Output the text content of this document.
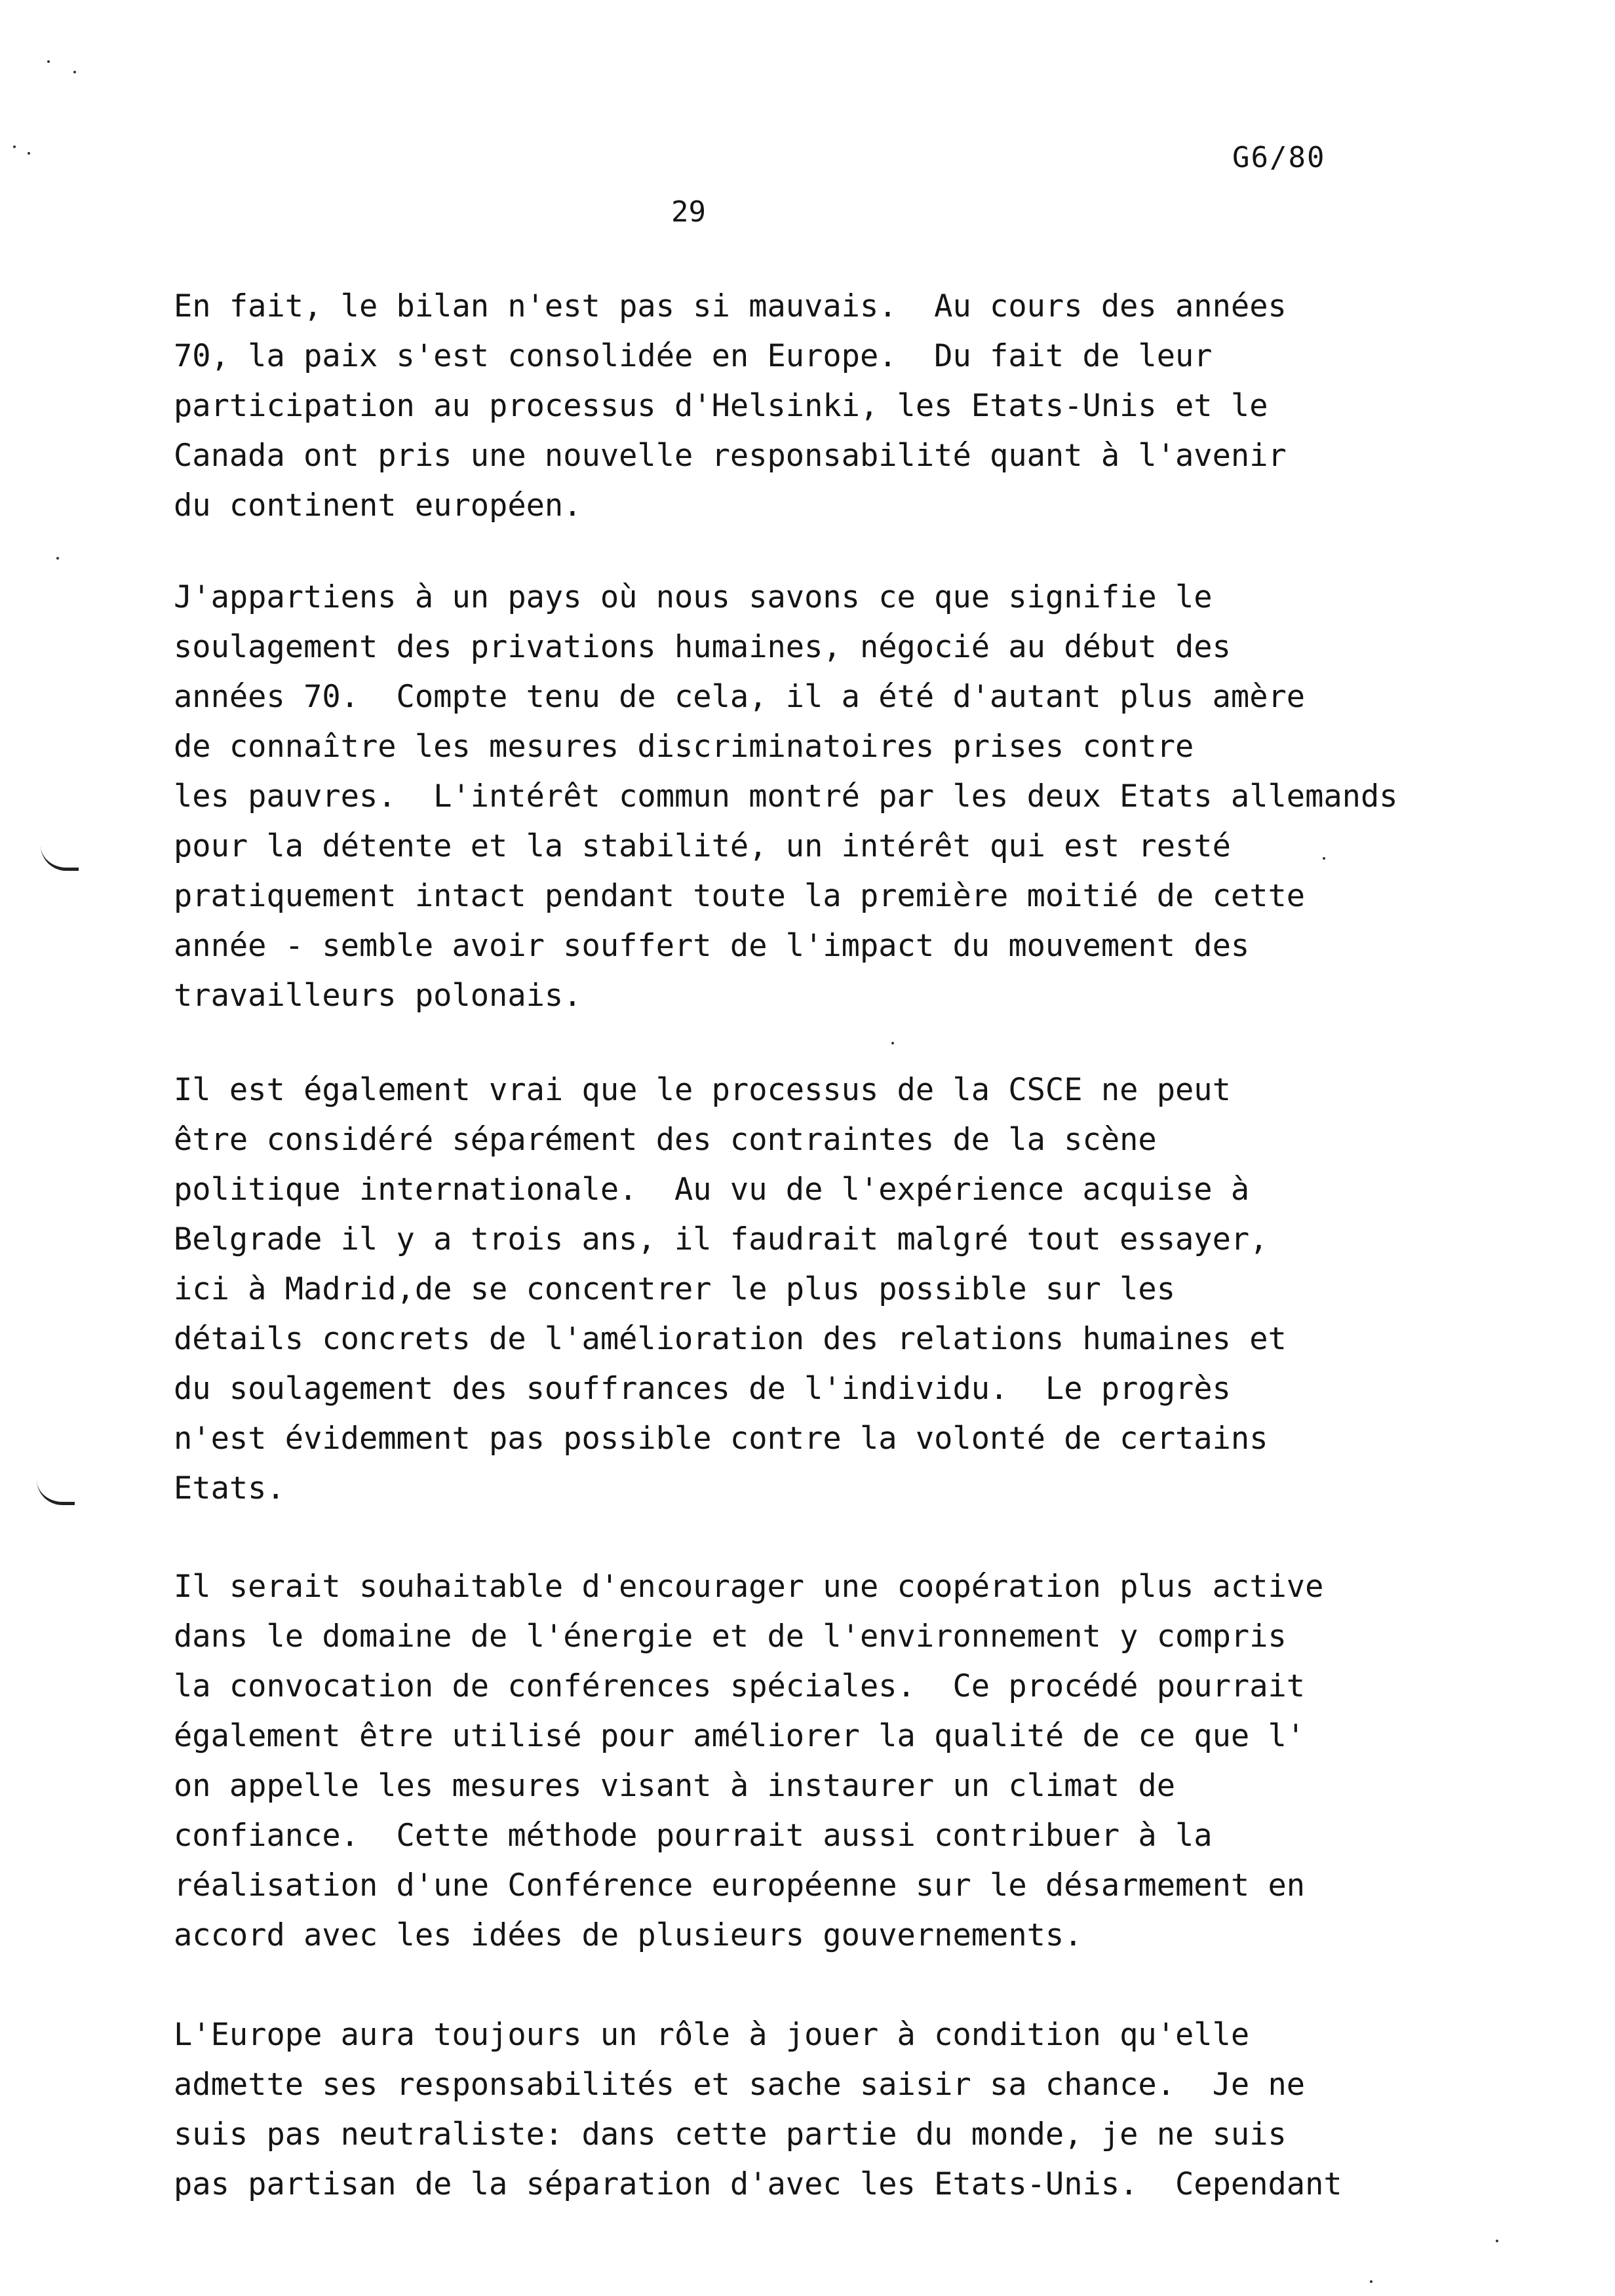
G6/80
29
En fait, le bilan n'est pas si mauvais.  Au cours des années
70, la paix s'est consolidée en Europe.  Du fait de leur
participation au processus d'Helsinki, les Etats-Unis et le
Canada ont pris une nouvelle responsabilité quant à l'avenir
du continent européen.
J'appartiens à un pays où nous savons ce que signifie le
soulagement des privations humaines, négocié au début des
années 70.  Compte tenu de cela, il a été d'autant plus amère
de connaître les mesures discriminatoires prises contre
les pauvres.  L'intérêt commun montré par les deux Etats allemands
pour la détente et la stabilité, un intérêt qui est resté
pratiquement intact pendant toute la première moitié de cette
année - semble avoir souffert de l'impact du mouvement des
travailleurs polonais.
Il est également vrai que le processus de la CSCE ne peut
être considéré séparément des contraintes de la scène
politique internationale.  Au vu de l'expérience acquise à
Belgrade il y a trois ans, il faudrait malgré tout essayer,
ici à Madrid,de se concentrer le plus possible sur les
détails concrets de l'amélioration des relations humaines et
du soulagement des souffrances de l'individu.  Le progrès
n'est évidemment pas possible contre la volonté de certains
Etats.
Il serait souhaitable d'encourager une coopération plus active
dans le domaine de l'énergie et de l'environnement y compris
la convocation de conférences spéciales.  Ce procédé pourrait
également être utilisé pour améliorer la qualité de ce que l'
on appelle les mesures visant à instaurer un climat de
confiance.  Cette méthode pourrait aussi contribuer à la
réalisation d'une Conférence européenne sur le désarmement en
accord avec les idées de plusieurs gouvernements.
L'Europe aura toujours un rôle à jouer à condition qu'elle
admette ses responsabilités et sache saisir sa chance.  Je ne
suis pas neutraliste: dans cette partie du monde, je ne suis
pas partisan de la séparation d'avec les Etats-Unis.  Cependant
